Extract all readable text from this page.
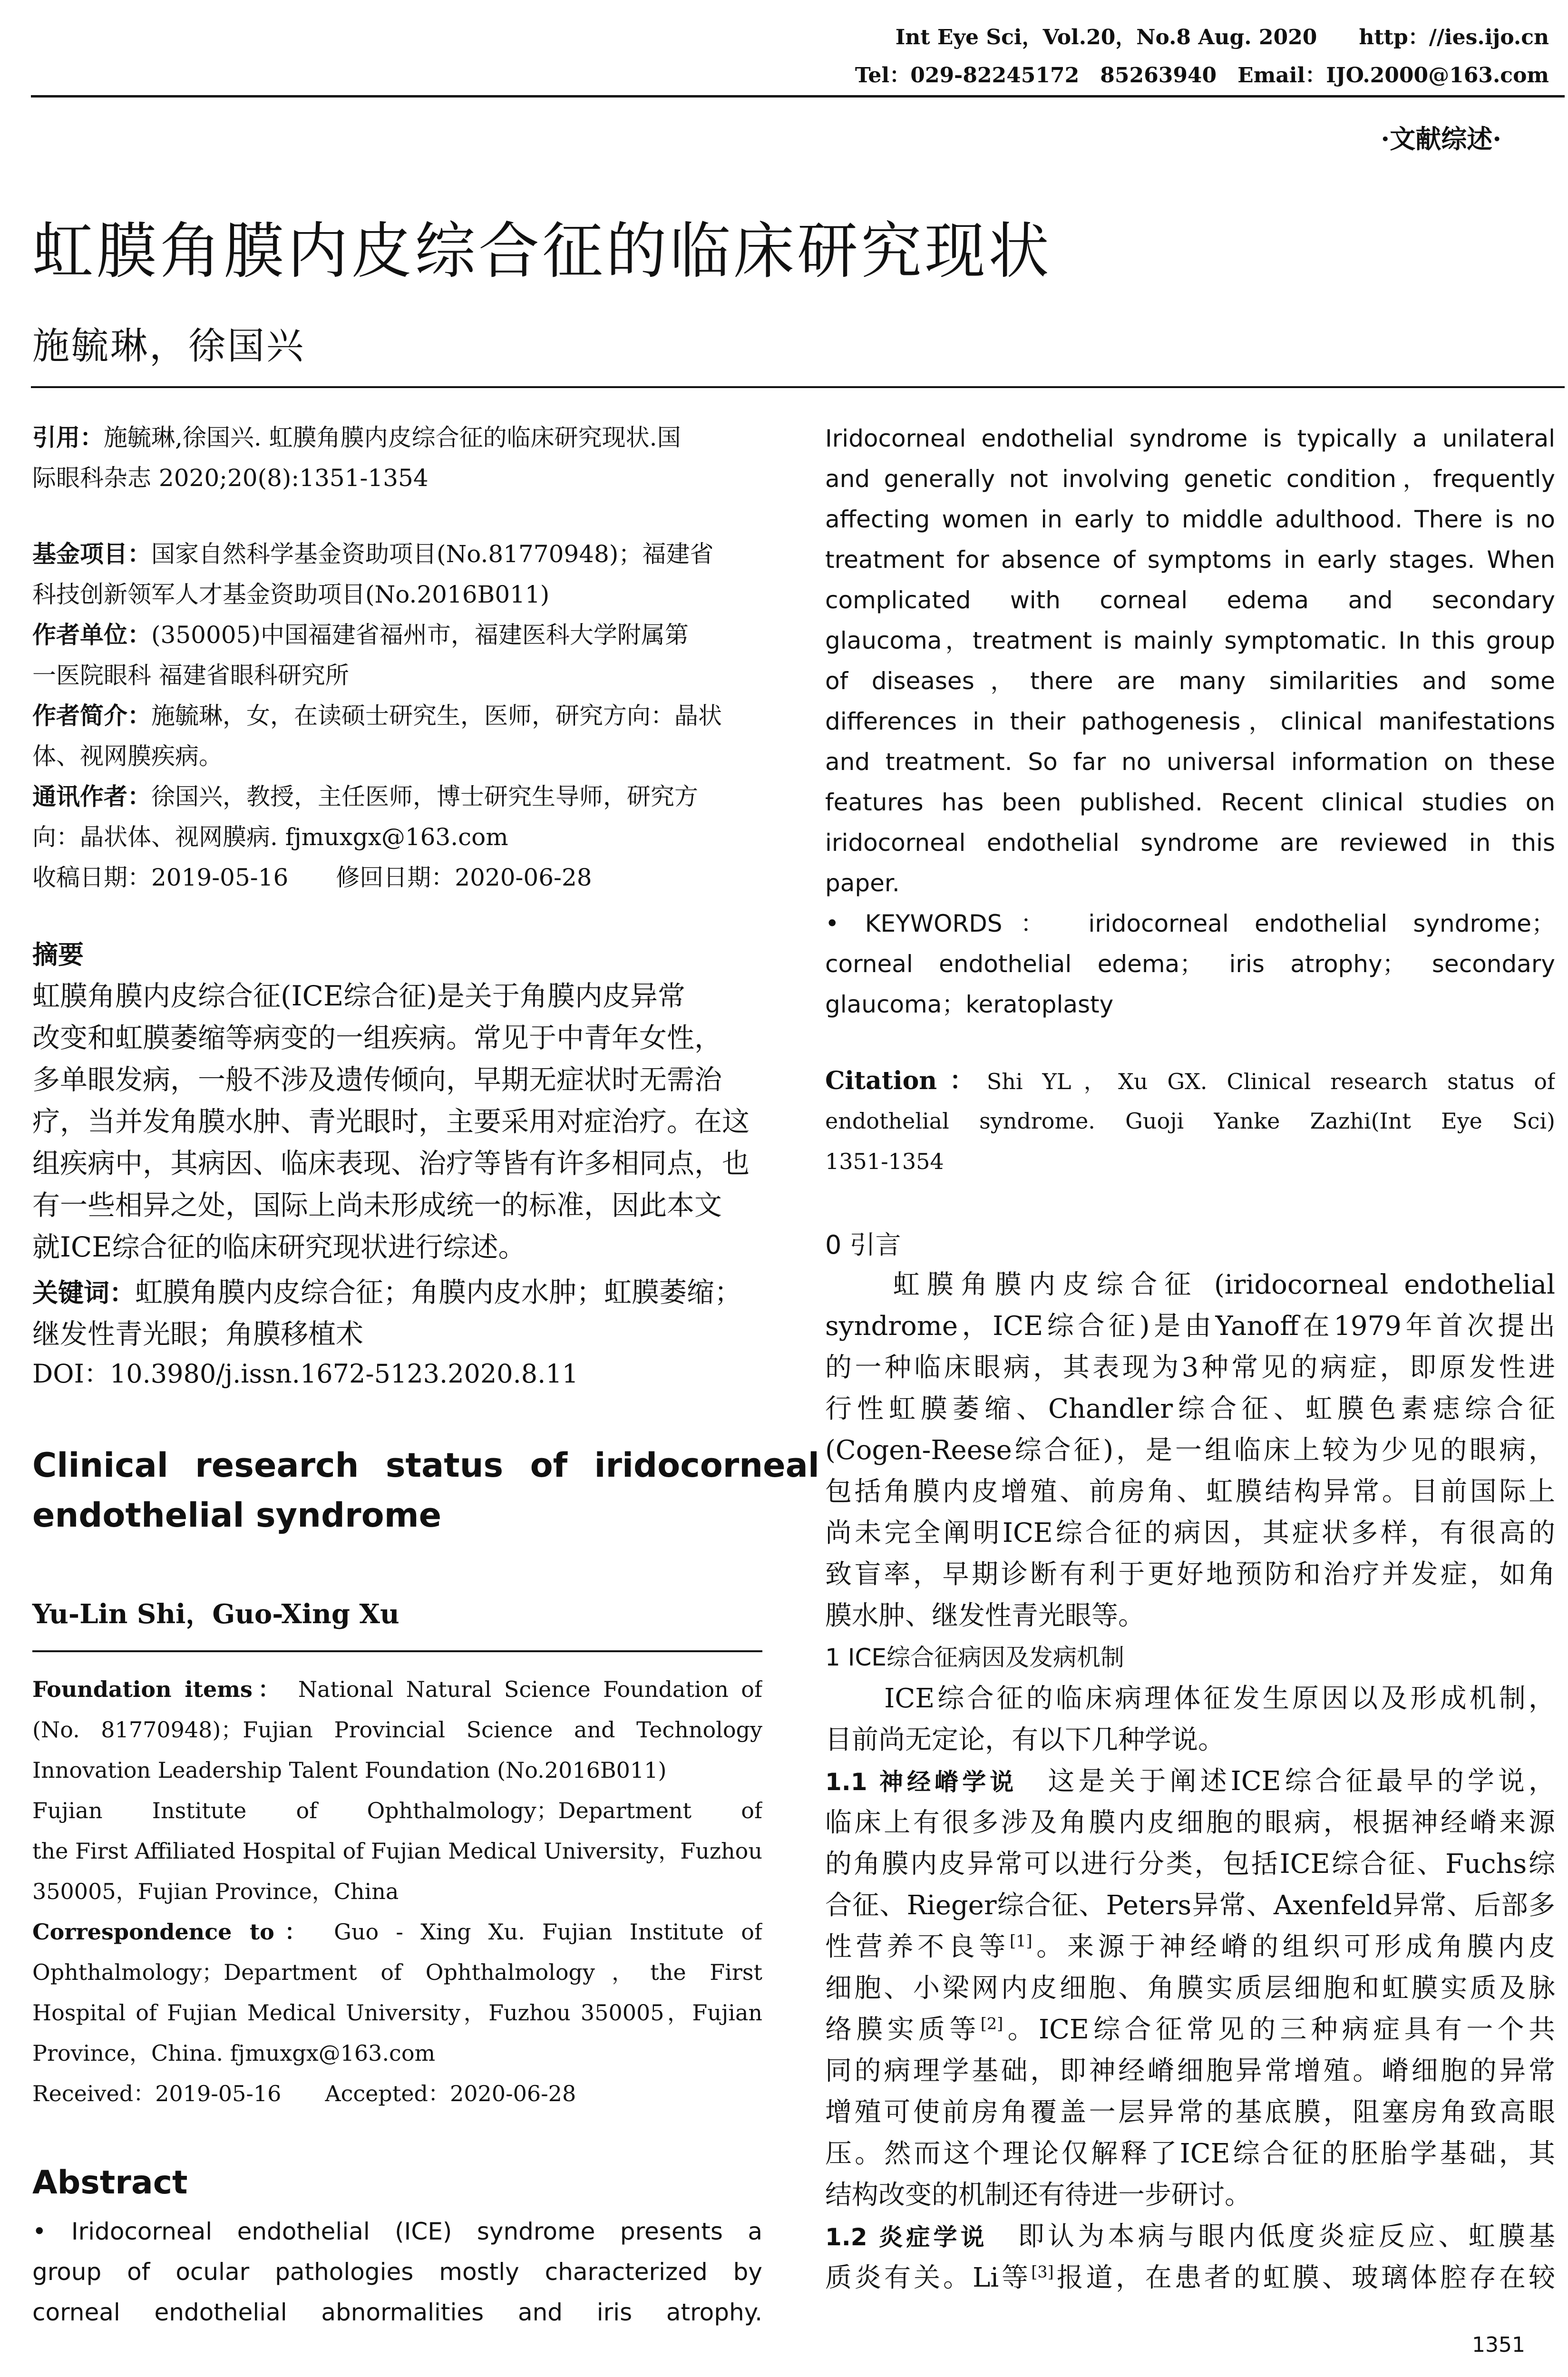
Int Eye Sci，Vol.20，No.8 Aug. 2020　　http：//ies.ijo.cn
Tel：029-82245172　85263940　Email：IJO.2000@163.com
·文献综述·
虹膜角膜内皮综合征的临床研究现状
施毓琳，徐国兴
引用：施毓琳,徐国兴. 虹膜角膜内皮综合征的临床研究现状.国
际眼科杂志 2020;20(8):1351-1354
基金项目：国家自然科学基金资助项目(No.81770948)；福建省
科技创新领军人才基金资助项目(No.2016B011)
作者单位：(350005)中国福建省福州市，福建医科大学附属第
一医院眼科 福建省眼科研究所
作者简介：施毓琳，女，在读硕士研究生，医师，研究方向：晶状
体、视网膜疾病。
通讯作者：徐国兴，教授，主任医师，博士研究生导师，研究方
向：晶状体、视网膜病. fjmuxgx@163.com
收稿日期：2019-05-16　　修回日期：2020-06-28
摘要
虹膜角膜内皮综合征(ICE综合征)是关于角膜内皮异常
改变和虹膜萎缩等病变的一组疾病。常见于中青年女性，
多单眼发病，一般不涉及遗传倾向，早期无症状时无需治
疗，当并发角膜水肿、青光眼时，主要采用对症治疗。在这
组疾病中，其病因、临床表现、治疗等皆有许多相同点，也
有一些相异之处，国际上尚未形成统一的标准，因此本文
就ICE综合征的临床研究现状进行综述。
关键词：虹膜角膜内皮综合征；角膜内皮水肿；虹膜萎缩；
继发性青光眼；角膜移植术
DOI：10.3980/j.issn.1672-5123.2020.8.11
Clinical research status of iridocorneal
endothelial syndrome
Yu-Lin Shi，Guo-Xing Xu
Foundation items： National Natural Science Foundation of
(No. 81770948)；Fujian Provincial Science and Technology
Innovation Leadership Talent Foundation (No.2016B011)
Fujian Institute of Ophthalmology；Department of
the First Affiliated Hospital of Fujian Medical University，Fuzhou
350005，Fujian Province，China
Correspondence to： Guo - Xing Xu. Fujian Institute of
Ophthalmology；Department of Ophthalmology，the First
Hospital of Fujian Medical University，Fuzhou 350005，Fujian
Province，China. fjmuxgx@163.com
Received：2019-05-16　　Accepted：2020-06-28
Abstract
• Iridocorneal endothelial (ICE) syndrome presents a
group of ocular pathologies mostly characterized by
corneal endothelial abnormalities and iris atrophy.
Iridocorneal endothelial syndrome is typically a unilateral
and generally not involving genetic condition，frequently
affecting women in early to middle adulthood. There is no
treatment for absence of symptoms in early stages. When
complicated with corneal edema and secondary
glaucoma，treatment is mainly symptomatic. In this group
of diseases，there are many similarities and some
differences in their pathogenesis，clinical manifestations
and treatment. So far no universal information on these
features has been published. Recent clinical studies on
iridocorneal endothelial syndrome are reviewed in this
paper.
• KEYWORDS： iridocorneal endothelial syndrome；
corneal endothelial edema； iris atrophy； secondary
glaucoma；keratoplasty
Citation：Shi YL，Xu GX. Clinical research status of
endothelial syndrome. Guoji Yanke Zazhi(Int Eye Sci)
1351-1354
0 引言
　　虹膜角膜内皮综合征 (iridocorneal endothelial
syndrome，ICE综合征)是由Yanoff在1979年首次提出
的一种临床眼病，其表现为3种常见的病症，即原发性进
行性虹膜萎缩、Chandler综合征、虹膜色素痣综合征
(Cogen-Reese综合征)，是一组临床上较为少见的眼病，
包括角膜内皮增殖、前房角、虹膜结构异常。目前国际上
尚未完全阐明ICE综合征的病因，其症状多样，有很高的
致盲率，早期诊断有利于更好地预防和治疗并发症，如角
膜水肿、继发性青光眼等。
1 ICE综合征病因及发病机制
　　ICE综合征的临床病理体征发生原因以及形成机制，
目前尚无定论，有以下几种学说。
1.1 神经嵴学说　这是关于阐述ICE综合征最早的学说，
临床上有很多涉及角膜内皮细胞的眼病，根据神经嵴来源
的角膜内皮异常可以进行分类，包括ICE综合征、Fuchs综
合征、Rieger综合征、Peters异常、Axenfeld异常、后部多
性营养不良等[1]。来源于神经嵴的组织可形成角膜内皮
细胞、小梁网内皮细胞、角膜实质层细胞和虹膜实质及脉
络膜实质等[2]。ICE综合征常见的三种病症具有一个共
同的病理学基础，即神经嵴细胞异常增殖。嵴细胞的异常
增殖可使前房角覆盖一层异常的基底膜，阻塞房角致高眼
压。然而这个理论仅解释了ICE综合征的胚胎学基础，其
结构改变的机制还有待进一步研讨。
1.2 炎症学说　即认为本病与眼内低度炎症反应、虹膜基
质炎有关。Li等[3]报道，在患者的虹膜、玻璃体腔存在较
1351
